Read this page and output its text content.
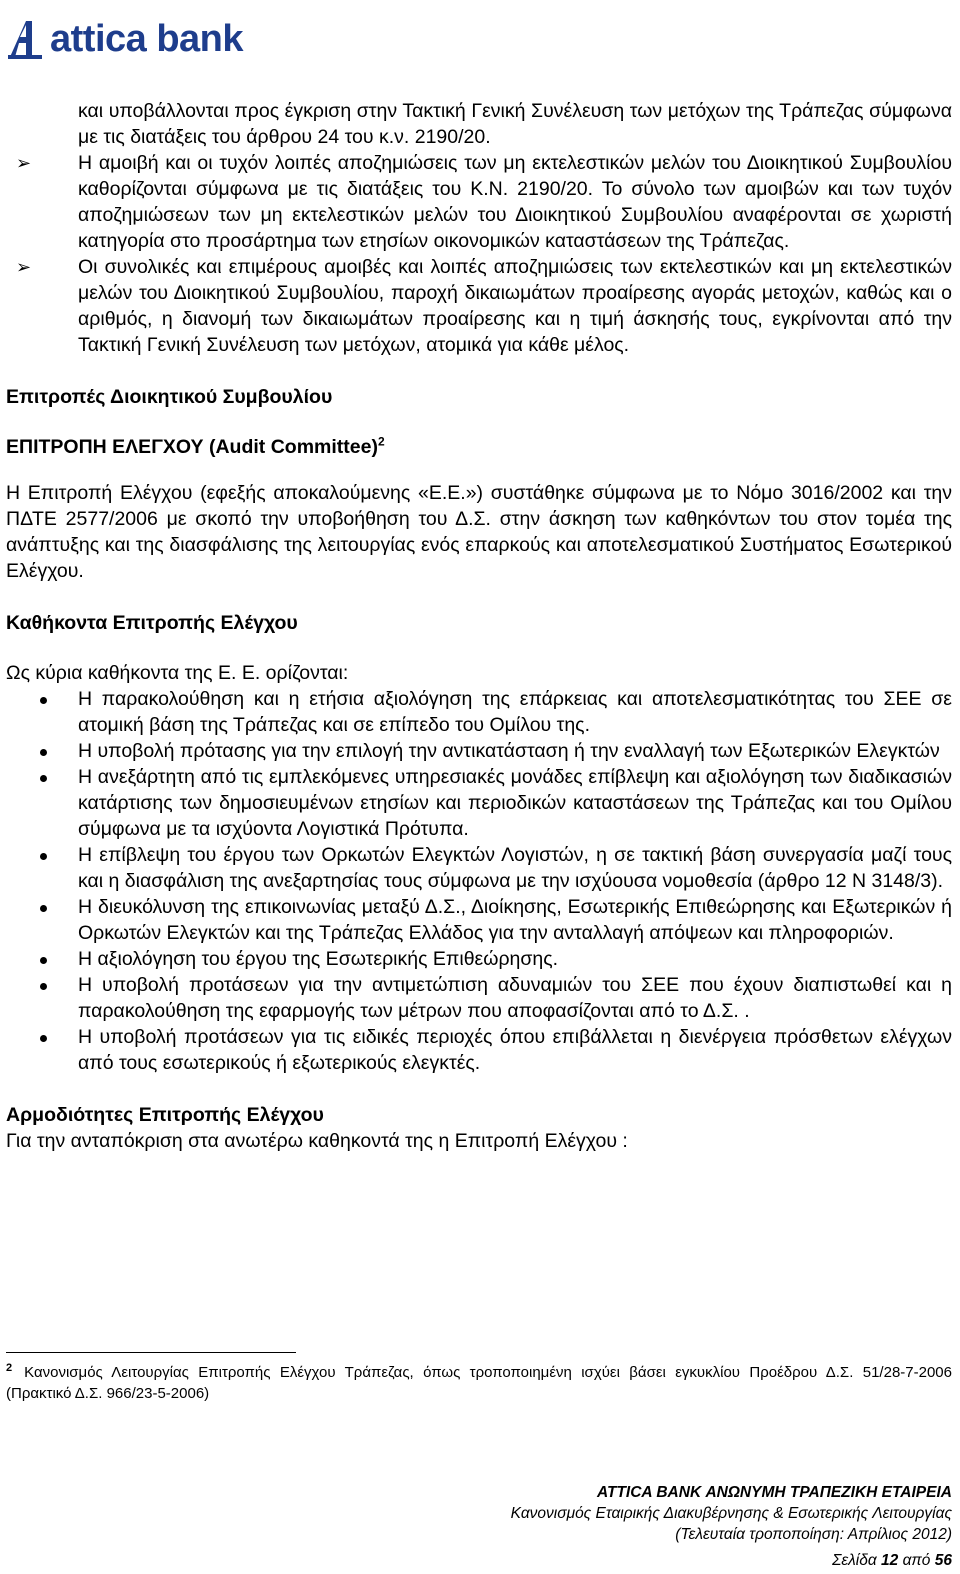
attica bank
και υποβάλλονται προς έγκριση στην Τακτική Γενική Συνέλευση των μετόχων της Τράπεζας σύμφωνα με τις διατάξεις του άρθρου 24 του κ.ν. 2190/20.
➢ Η αμοιβή και οι τυχόν λοιπές αποζημιώσεις των μη εκτελεστικών μελών του Διοικητικού Συμβουλίου καθορίζονται σύμφωνα με τις διατάξεις του Κ.Ν. 2190/20. Το σύνολο των αμοιβών και των τυχόν αποζημιώσεων των μη εκτελεστικών μελών του Διοικητικού Συμβουλίου αναφέρονται σε χωριστή κατηγορία στο προσάρτημα των ετησίων οικονομικών καταστάσεων της Τράπεζας.
➢ Οι συνολικές και επιμέρους αμοιβές και λοιπές αποζημιώσεις των εκτελεστικών και μη εκτελεστικών μελών του Διοικητικού Συμβουλίου, παροχή δικαιωμάτων προαίρεσης αγοράς μετοχών, καθώς και ο αριθμός, η διανομή των δικαιωμάτων προαίρεσης και η τιμή άσκησής τους, εγκρίνονται από την Τακτική Γενική Συνέλευση των μετόχων, ατομικά για κάθε μέλος.
Επιτροπές Διοικητικού Συμβουλίου
ΕΠΙΤΡΟΠΗ ΕΛΕΓΧΟΥ (Audit Committee)$^2$
Η Επιτροπή Ελέγχου (εφεξής αποκαλούμενης «Ε.Ε.») συστάθηκε σύμφωνα με το Νόμο 3016/2002 και την ΠΔΤΕ 2577/2006 με σκοπό την υποβοήθηση του Δ.Σ. στην άσκηση των καθηκόντων του στον τομέα της ανάπτυξης και της διασφάλισης της λειτουργίας ενός επαρκούς και αποτελεσματικού Συστήματος Εσωτερικού Ελέγχου.
Καθήκοντα Επιτροπής Ελέγχου
Ως κύρια καθήκοντα της Ε. Ε. ορίζονται:
Η παρακολούθηση και η ετήσια αξιολόγηση της επάρκειας και αποτελεσματικότητας του ΣΕΕ σε ατομική βάση της Τράπεζας και σε επίπεδο του Ομίλου της.
Η υποβολή πρότασης για την επιλογή την αντικατάσταση ή την εναλλαγή των Εξωτερικών Ελεγκτών
Η ανεξάρτητη από τις εμπλεκόμενες υπηρεσιακές μονάδες επίβλεψη και αξιολόγηση των διαδικασιών κατάρτισης των δημοσιευμένων ετησίων και περιοδικών καταστάσεων της Τράπεζας και του Ομίλου σύμφωνα με τα ισχύοντα Λογιστικά Πρότυπα.
Η επίβλεψη του έργου των Ορκωτών Ελεγκτών Λογιστών, η σε τακτική βάση συνεργασία μαζί τους και η διασφάλιση της ανεξαρτησίας τους σύμφωνα με την ισχύουσα νομοθεσία (άρθρο 12 Ν 3148/3).
Η διευκόλυνση της επικοινωνίας μεταξύ Δ.Σ., Διοίκησης, Εσωτερικής Επιθεώρησης και Εξωτερικών ή Ορκωτών Ελεγκτών και της Τράπεζας Ελλάδος για την ανταλλαγή απόψεων και πληροφοριών.
Η αξιολόγηση του έργου της Εσωτερικής Επιθεώρησης.
Η υποβολή προτάσεων για την αντιμετώπιση αδυναμιών του ΣΕΕ που έχουν διαπιστωθεί και η παρακολούθηση της εφαρμογής των μέτρων που αποφασίζονται από το Δ.Σ. .
Η υποβολή προτάσεων για τις ειδικές περιοχές όπου επιβάλλεται η διενέργεια πρόσθετων ελέγχων από τους εσωτερικούς ή εξωτερικούς ελεγκτές.
Αρμοδιότητες Επιτροπής Ελέγχου
Για την ανταπόκριση στα ανωτέρω καθηκοντά της η Επιτροπή Ελέγχου :
$^2$ Κανονισμός Λειτουργίας Επιτροπής Ελέγχου Τράπεζας, όπως τροποποιημένη ισχύει βάσει εγκυκλίου Προέδρου Δ.Σ. 51/28-7-2006 (Πρακτικό Δ.Σ. 966/23-5-2006)
ATTICA BANK ΑΝΩΝΥΜΗ ΤΡΑΠΕΖΙΚΗ ΕΤΑΙΡΕΙΑ
Κανονισμός Εταιρικής Διακυβέρνησης & Εσωτερικής Λειτουργίας
(Τελευταία τροποποίηση: Απρίλιος 2012)
Σελίδα 12 από 56
